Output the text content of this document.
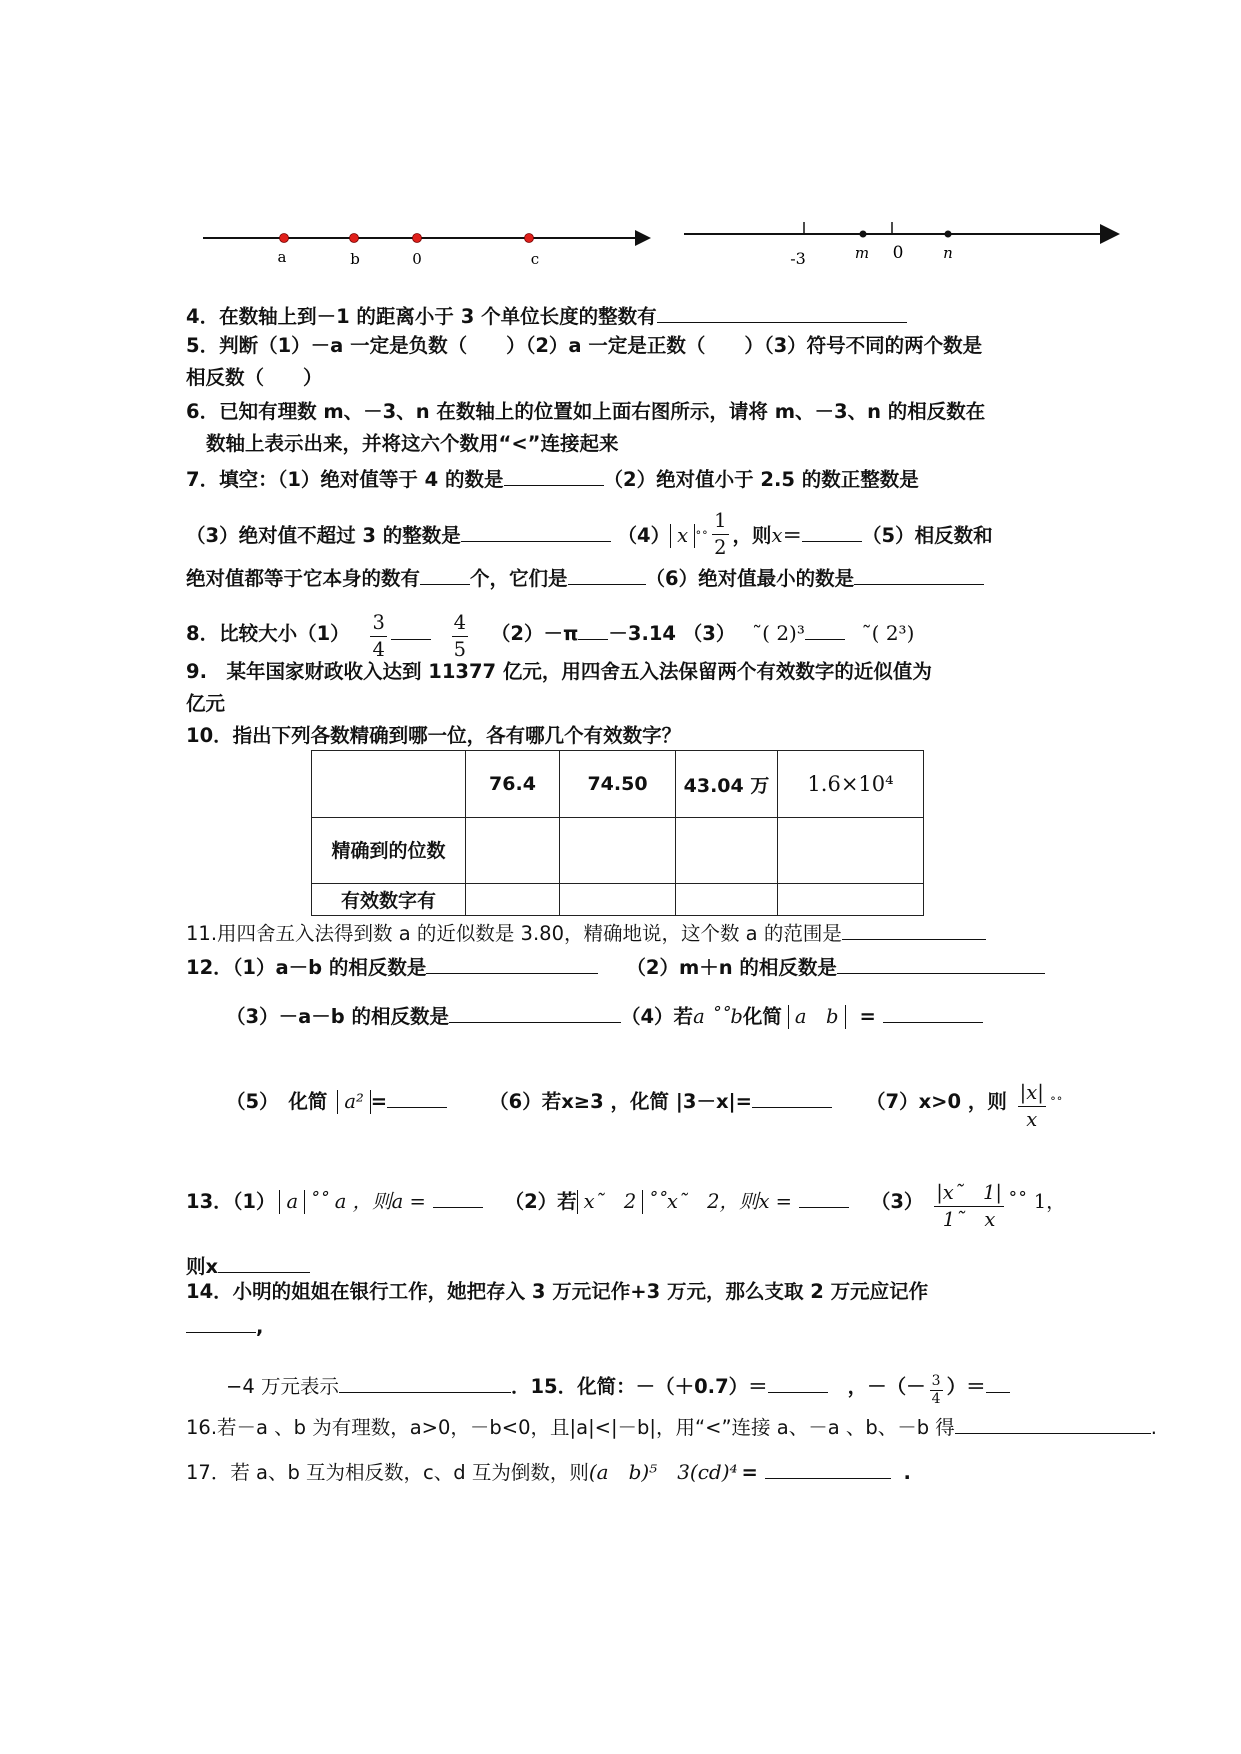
a	b	0	c	-3	m 0	n
4．在数轴上到－1 的距离小于 3 个单位长度的整数有
5．判断（1）－a 一定是负数（　　）（2）a 一定是正数（　　）（3）符号不同的两个数是
相反数（　　）
6．已知有理数 m、－3、n 在数轴上的位置如上面右图所示，请将 m、－3、n 的相反数在
数轴上表示出来，并将这六个数用“<”连接起来
7．填空：（1）绝对值等于 4 的数是	（2）绝对值小于 2.5 的数正整数是
（3）绝对值不超过 3 的整数是	（4） x ˚˚ $\frac{1}{2}$ ，则x＝	（5）相反数和
绝对值都等于它本身的数有	个，它们是	（6）绝对值最小的数是
8．比较大小$(1) \frac{3}{4}$
	$\frac{4}{5} (2)-\pi -3.14$ （3） ˜( 2)³	˜( 2³)
9.　某年国家财政收入达到 11377 亿元，用四舍五入法保留两个有效数字的近似值为
亿元
10．指出下列各数精确到哪一位，各有哪几个有效数字？
	76.4	74.50	43.04 万	1.6×10⁴
精确到的位数				
有效数字有				
11.用四舍五入法得到数 a 的近似数是 3.80，精确地说，这个数 a 的范围是
12．（1）a－b 的相反数是	（2）m＋n 的相反数是
（3）－a－b 的相反数是	（4）若a ˚˚b化简 a　b =
（5）　化简 a² =	（6）若x≥3 ，化简 |3－x|=	（7）x>0 ，则 $\frac{|x|}{x}$ ˚˚
13．（1） a ˚˚ a ，则a =	（2）若 x˜　2 ˚˚x˜　2，则x =	$(3) \frac{|x˜ 1|}{1˜ x}$ ˚˚ 1，
则x
14．小明的姐姐在银行工作，她把存入 3 万元记作+3 万元，那么支取 2 万元应记作
,
−4 万元表示	．15．化简：－（＋0.7）＝	，－（－ $\frac{3}{4}$ ）＝
16.若－a 、b 为有理数，a>0，－b<0，且|a|<|－b|，用“<”连接 a、－a 、b、－b 得	.
17．若 a、b 互为相反数，c、d 互为倒数，则(a　b)⁵　3(cd)⁴ =	.
